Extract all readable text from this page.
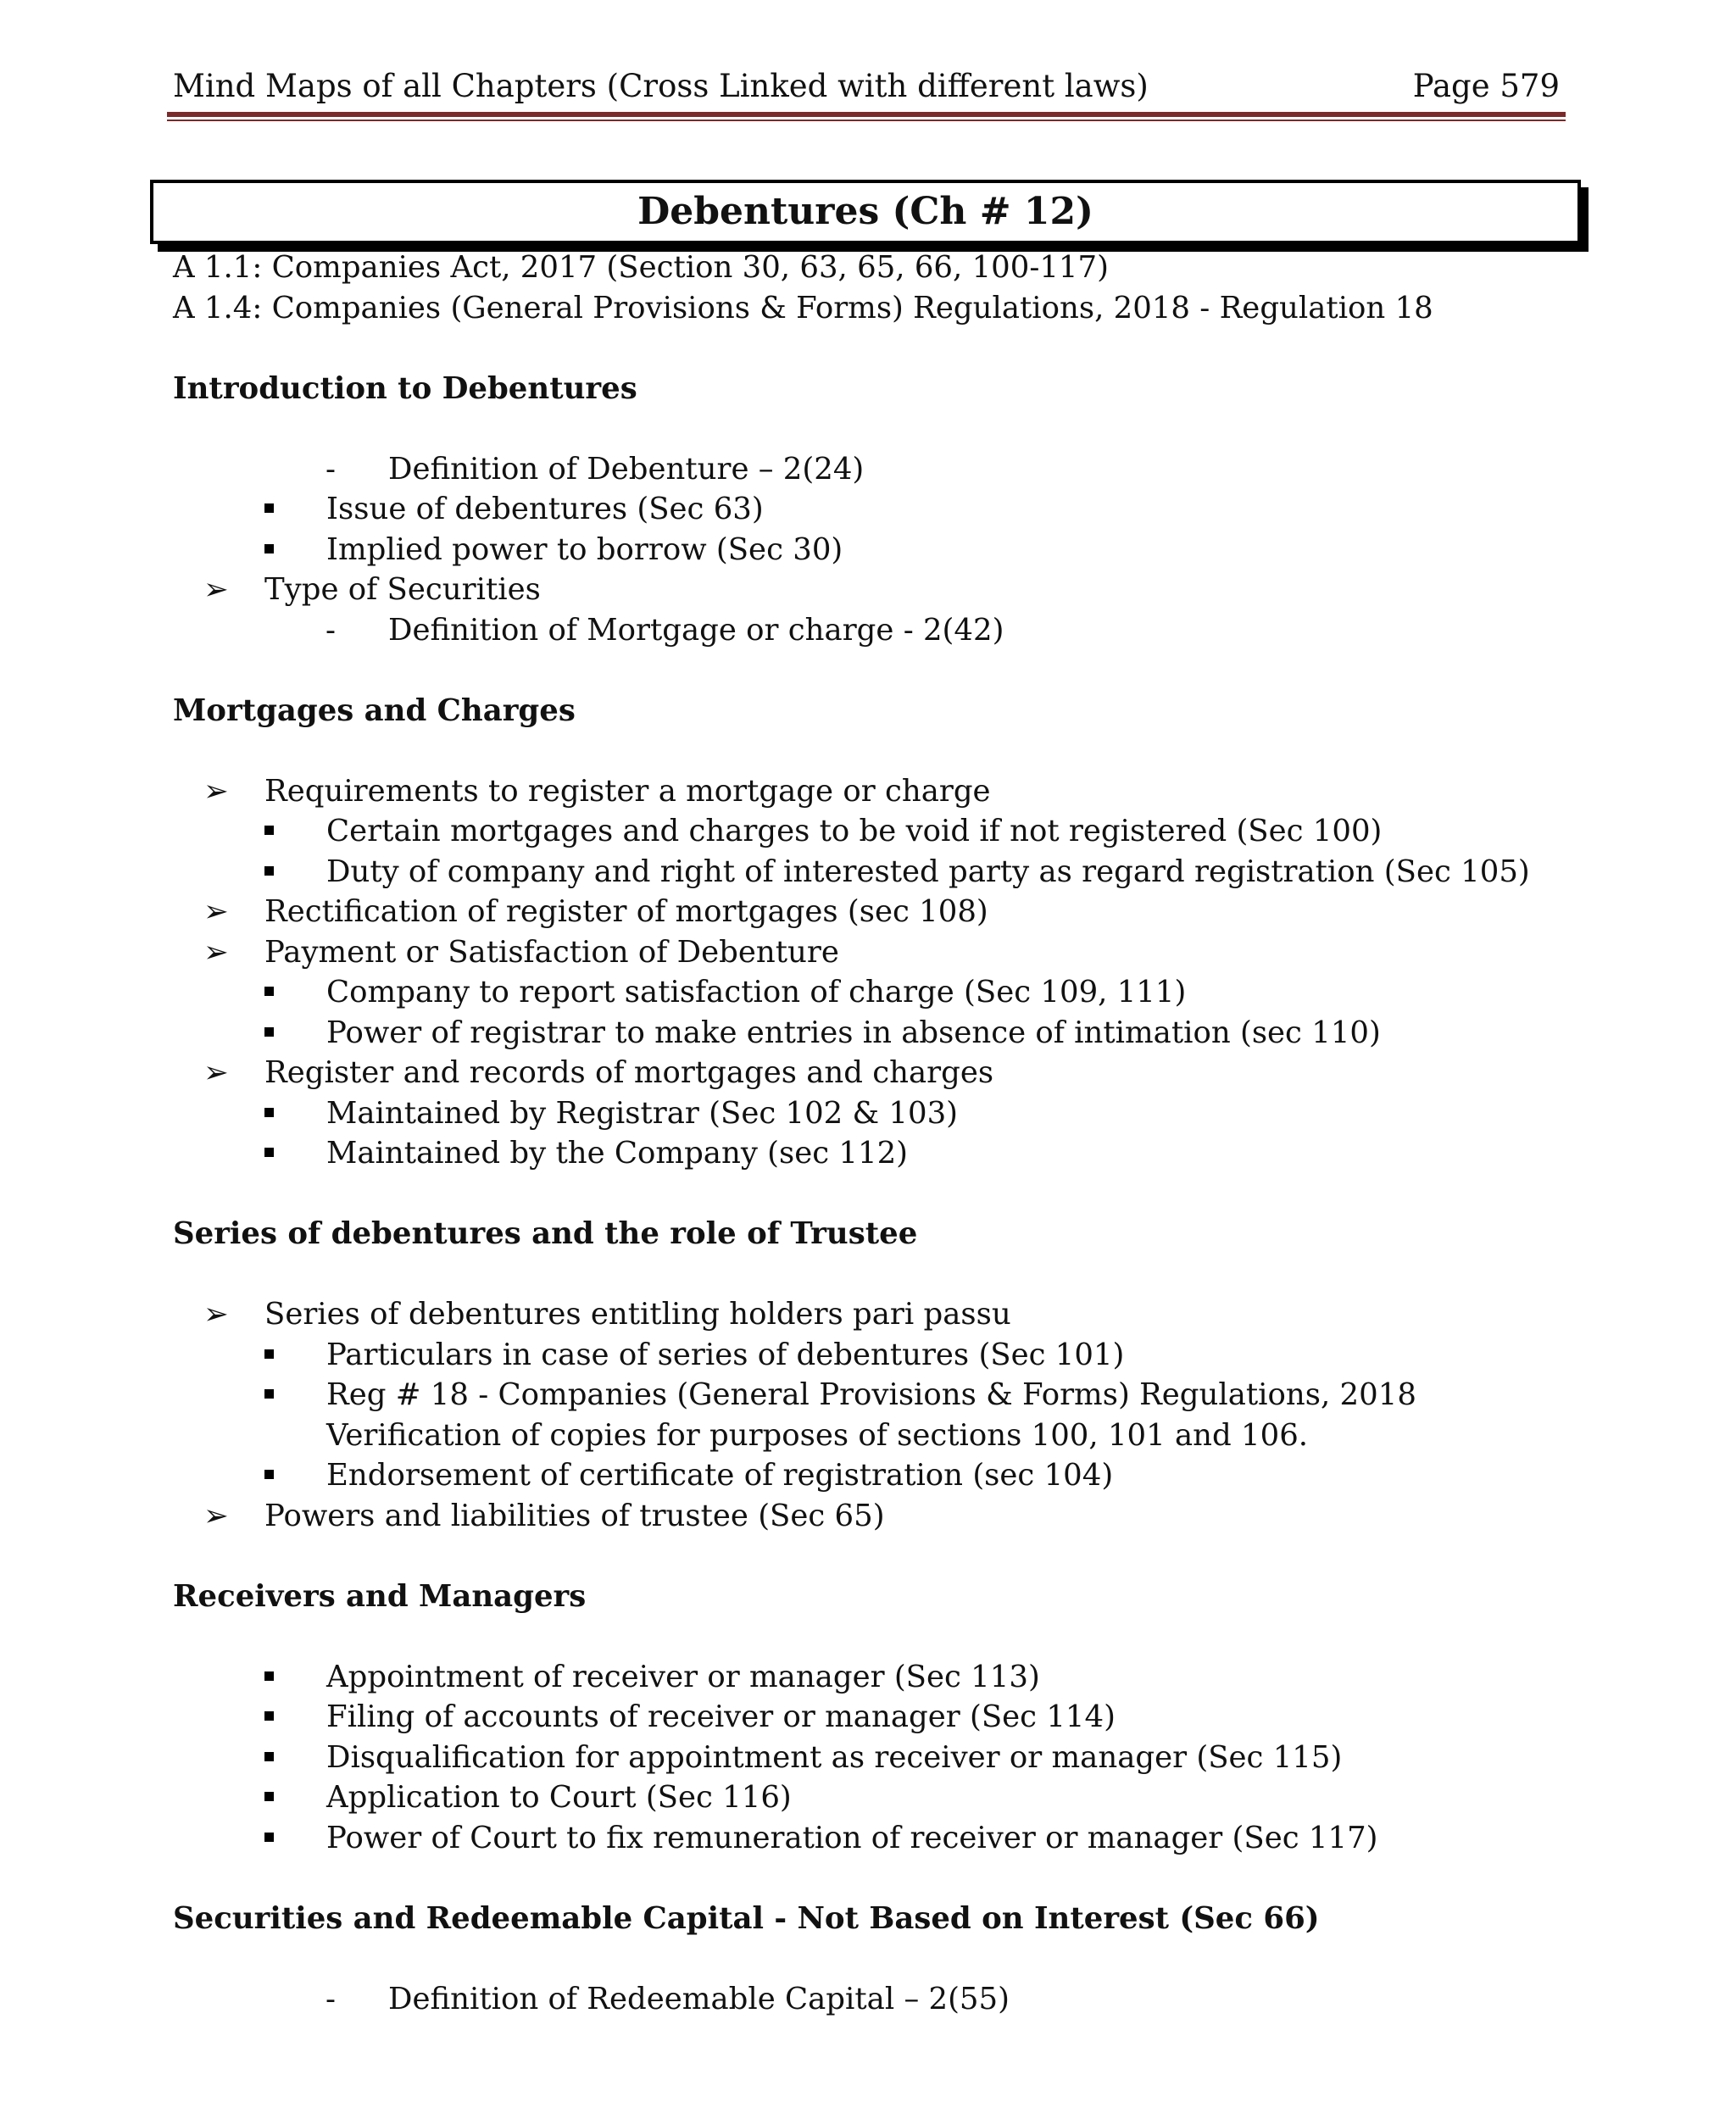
Mind Maps of all Chapters (Cross Linked with different laws)	Page 579
Debentures (Ch # 12)
A 1.1: Companies Act, 2017 (Section 30, 63, 65, 66, 100-117)
A 1.4: Companies (General Provisions & Forms) Regulations, 2018 - Regulation 18
Introduction to Debentures
- Definition of Debenture – 2(24)
Issue of debentures (Sec 63)
Implied power to borrow (Sec 30)
➢ Type of Securities
- Definition of Mortgage or charge - 2(42)
Mortgages and Charges
➢ Requirements to register a mortgage or charge
Certain mortgages and charges to be void if not registered (Sec 100)
Duty of company and right of interested party as regard registration (Sec 105)
➢ Rectification of register of mortgages (sec 108)
➢ Payment or Satisfaction of Debenture
Company to report satisfaction of charge (Sec 109, 111)
Power of registrar to make entries in absence of intimation (sec 110)
➢ Register and records of mortgages and charges
Maintained by Registrar (Sec 102 & 103)
Maintained by the Company (sec 112)
Series of debentures and the role of Trustee
➢ Series of debentures entitling holders pari passu
Particulars in case of series of debentures (Sec 101)
Reg # 18 - Companies (General Provisions & Forms) Regulations, 2018 Verification of copies for purposes of sections 100, 101 and 106.
Endorsement of certificate of registration (sec 104)
➢ Powers and liabilities of trustee (Sec 65)
Receivers and Managers
Appointment of receiver or manager (Sec 113)
Filing of accounts of receiver or manager (Sec 114)
Disqualification for appointment as receiver or manager (Sec 115)
Application to Court (Sec 116)
Power of Court to fix remuneration of receiver or manager (Sec 117)
Securities and Redeemable Capital - Not Based on Interest (Sec 66)
- Definition of Redeemable Capital – 2(55)
